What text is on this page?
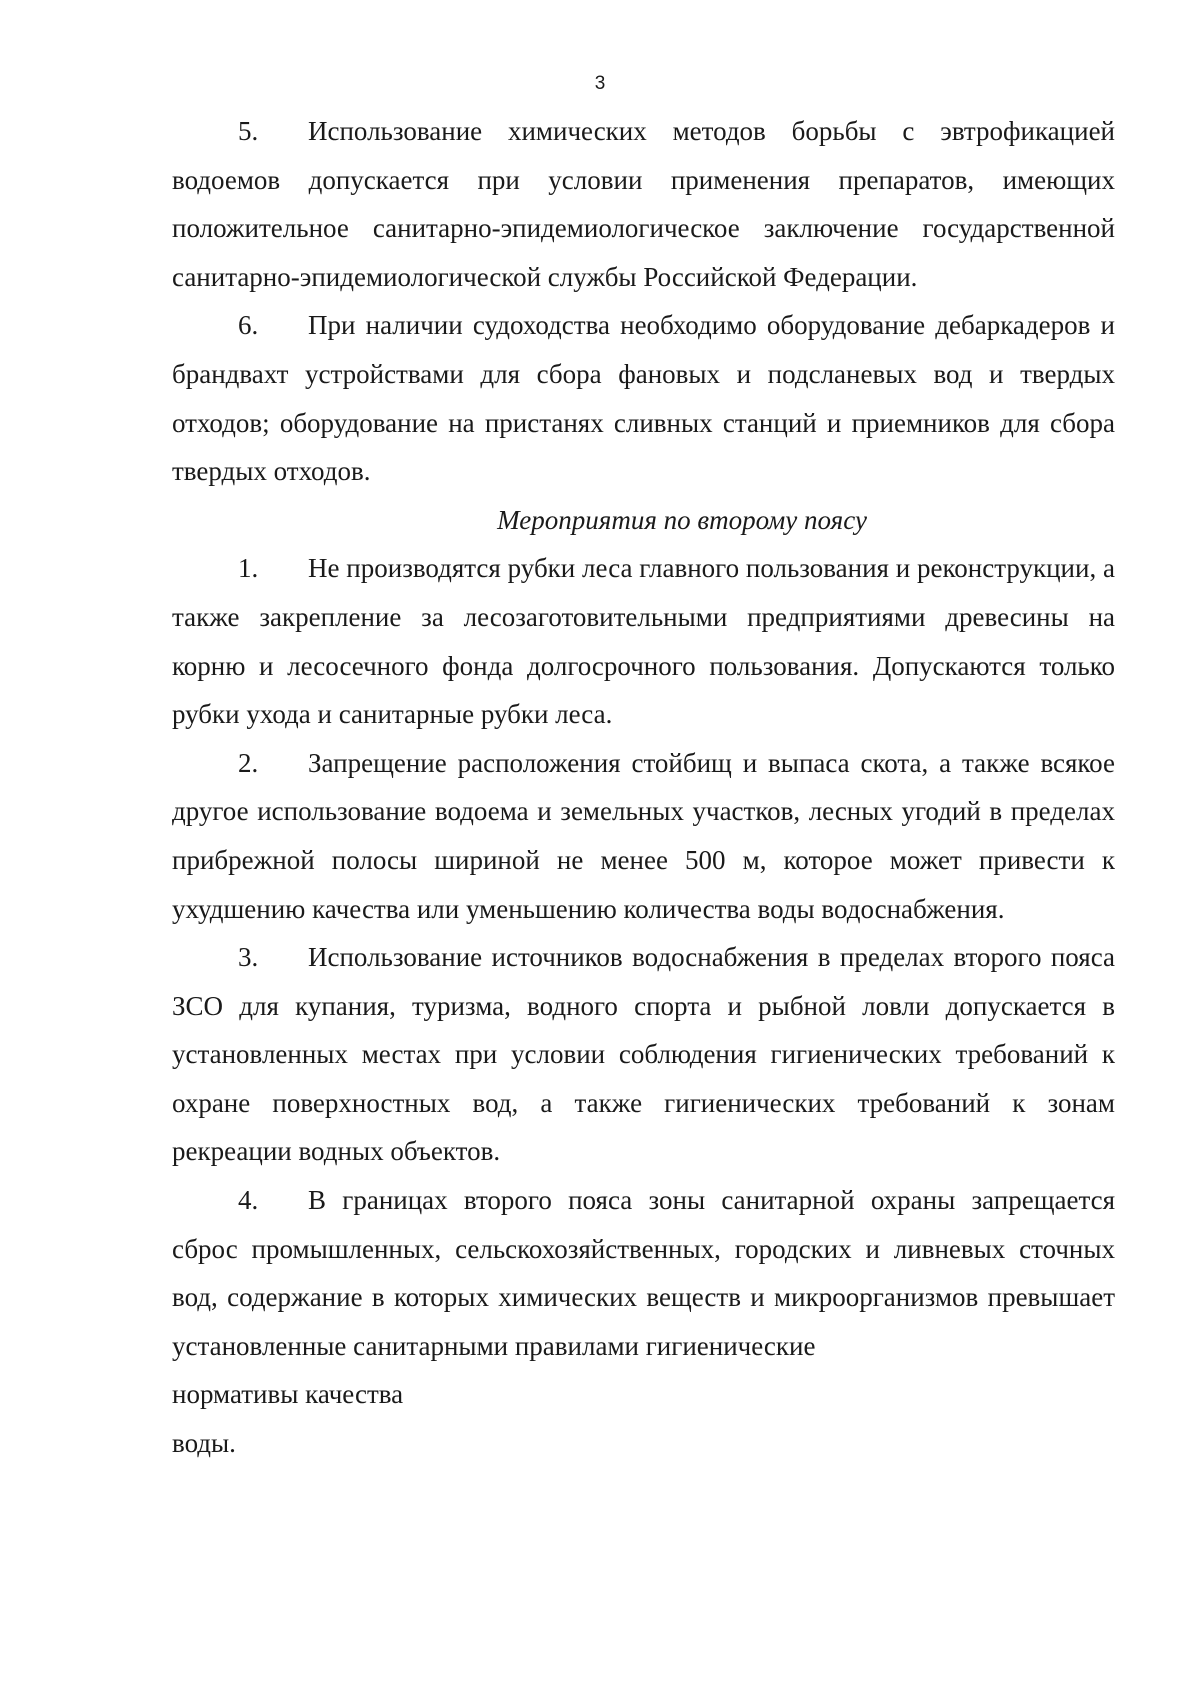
3

5. Использование химических методов борьбы с эвтрофикацией водоемов допускается при условии применения препаратов, имеющих положительное санитарно-эпидемиологическое заключение государственной санитарно-эпидемиологической службы Российской Федерации.

6. При наличии судоходства необходимо оборудование дебаркадеров и брандвахт устройствами для сбора фановых и подсланевых вод и твердых отходов; оборудование на пристанях сливных станций и приемников для сбора твердых отходов.

Мероприятия по второму поясу

1. Не производятся рубки леса главного пользования и реконструкции, а также закрепление за лесозаготовительными предприятиями древесины на корню и лесосечного фонда долгосрочного пользования. Допускаются только рубки ухода и санитарные рубки леса.

2. Запрещение расположения стойбищ и выпаса скота, а также всякое другое использование водоема и земельных участков, лесных угодий в пределах прибрежной полосы шириной не менее 500 м, которое может привести к ухудшению качества или уменьшению количества воды водоснабжения.

3. Использование источников водоснабжения в пределах второго пояса ЗСО для купания, туризма, водного спорта и рыбной ловли допускается в установленных местах при условии соблюдения гигиенических требований к охране поверхностных вод, а также гигиенических требований к зонам рекреации водных объектов.

4. В границах второго пояса зоны санитарной охраны запрещается сброс промышленных, сельскохозяйственных, городских и ливневых сточных вод, содержание в которых химических веществ и микроорганизмов превышает установленные санитарными правилами гигиенические

нормативы качества

воды.
